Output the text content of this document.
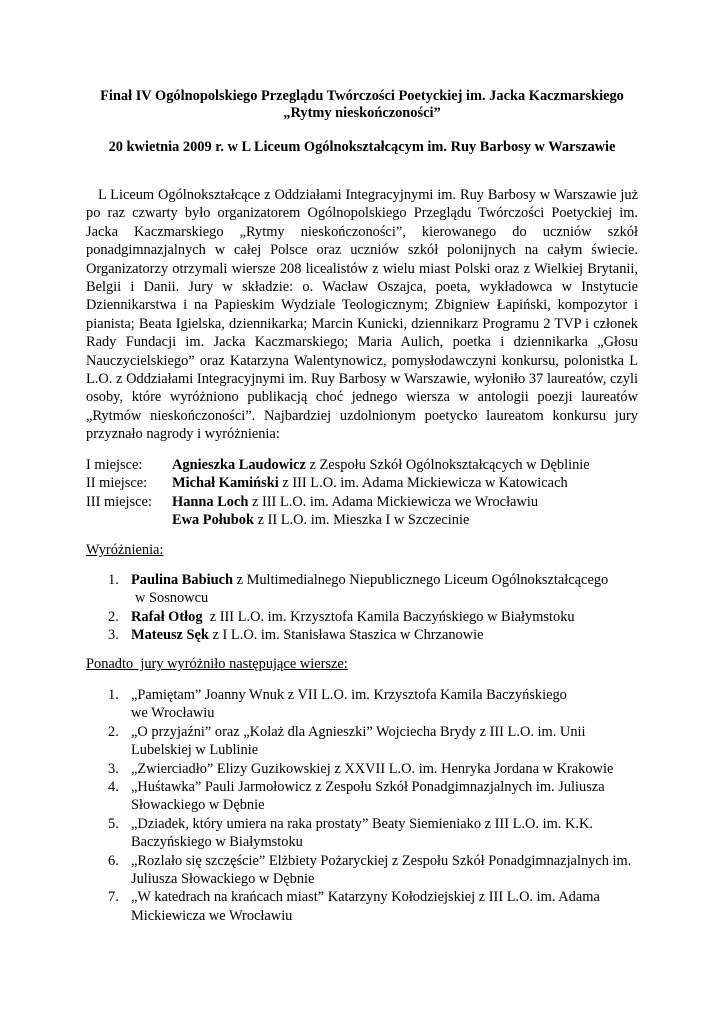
Finał IV Ogólnopolskiego Przeglądu Twórczości Poetyckiej im. Jacka Kaczmarskiego

„Rytmy nieskończoności”

20 kwietnia 2009 r. w L Liceum Ogólnokształcącym im. Ruy Barbosy w Warszawie

L Liceum Ogólnokształcące z Oddziałami Integracyjnymi im. Ruy Barbosy w Warszawie już po raz czwarty było organizatorem Ogólnopolskiego Przeglądu Twórczości Poetyckiej im. Jacka Kaczmarskiego „Rytmy nieskończoności”, kierowanego do uczniów szkół ponadgimnazjalnych w całej Polsce oraz uczniów szkół polonijnych na całym świecie. Organizatorzy otrzymali wiersze 208 licealistów z wielu miast Polski oraz z Wielkiej Brytanii, Belgii i Danii. Jury w składzie: o. Wacław Oszajca, poeta, wykładowca w Instytucie Dziennikarstwa i na Papieskim Wydziale Teologicznym; Zbigniew Łapiński, kompozytor i pianista; Beata Igielska, dziennikarka; Marcin Kunicki, dziennikarz Programu 2 TVP i członek Rady Fundacji im. Jacka Kaczmarskiego; Maria Aulich, poetka i dziennikarka „Głosu Nauczycielskiego” oraz Katarzyna Walentynowicz, pomysłodawczyni konkursu, polonistka L L.O. z Oddziałami Integracyjnymi im. Ruy Barbosy w Warszawie, wyłoniło 37 laureatów, czyli osoby, które wyróżniono publikacją choć jednego wiersza w antologii poezji laureatów „Rytmów nieskończoności”. Najbardziej uzdolnionym poetycko laureatom konkursu jury przyznało nagrody i wyróżnienia:

I miejsce: Agnieszka Laudowicz z Zespołu Szkół Ogólnokształcących w Dęblinie
II miejsce: Michał Kamiński z III L.O. im. Adama Mickiewicza w Katowicach
III miejsce: Hanna Loch z III L.O. im. Adama Mickiewicza we Wrocławiu
Ewa Połubok z II L.O. im. Mieszka I w Szczecinie

Wyróżnienia:

1. Paulina Babiuch z Multimedialnego Niepublicznego Liceum Ogólnokształcącego
w Sosnowcu
2. Rafał Otłog  z III L.O. im. Krzysztofa Kamila Baczyńskiego w Białymstoku
3. Mateusz Sęk z I L.O. im. Stanisława Staszica w Chrzanowie

Ponadto  jury wyróżniło następujące wiersze:

1. „Pamiętam” Joanny Wnuk z VII L.O. im. Krzysztofa Kamila Baczyńskiego
we Wrocławiu
2. „O przyjaźni” oraz „Kolaż dla Agnieszki” Wojciecha Brydy z III L.O. im. Unii
Lubelskiej w Lublinie
3. „Zwierciadło” Elizy Guzikowskiej z XXVII L.O. im. Henryka Jordana w Krakowie
4. „Huśtawka” Pauli Jarmołowicz z Zespołu Szkół Ponadgimnazjalnych im. Juliusza
Słowackiego w Dębnie
5. „Dziadek, który umiera na raka prostaty” Beaty Siemieniako z III L.O. im. K.K.
Baczyńskiego w Białymstoku
6. „Rozlało się szczęście” Elżbiety Pożaryckiej z Zespołu Szkół Ponadgimnazjalnych im.
Juliusza Słowackiego w Dębnie
7. „W katedrach na krańcach miast” Katarzyny Kołodziejskiej z III L.O. im. Adama
Mickiewicza we Wrocławiu
